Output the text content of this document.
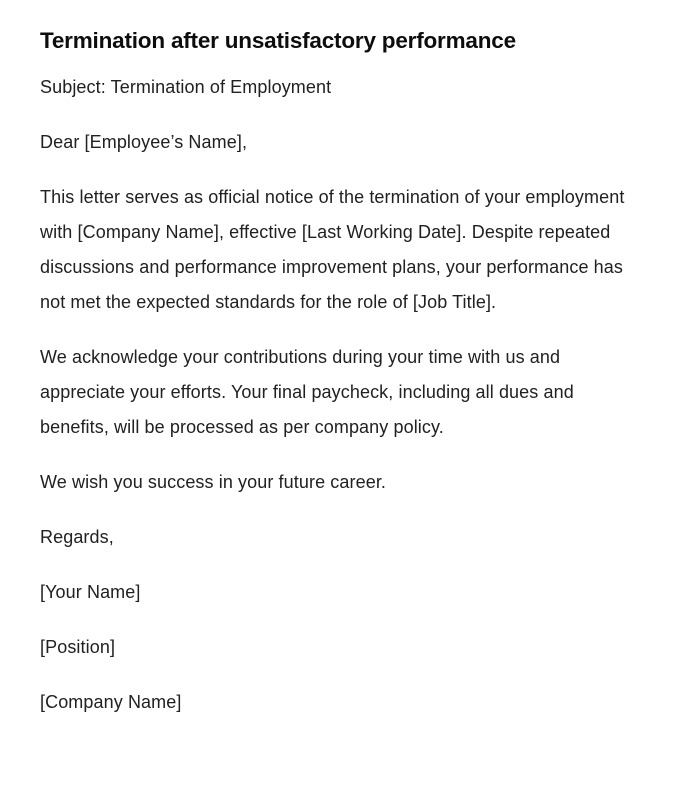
Termination after unsatisfactory performance

Subject: Termination of Employment

Dear [Employee’s Name],

This letter serves as official notice of the termination of your employment with [Company Name], effective [Last Working Date]. Despite repeated discussions and performance improvement plans, your performance has not met the expected standards for the role of [Job Title].

We acknowledge your contributions during your time with us and appreciate your efforts. Your final paycheck, including all dues and benefits, will be processed as per company policy.

We wish you success in your future career.

Regards,

[Your Name]

[Position]

[Company Name]
